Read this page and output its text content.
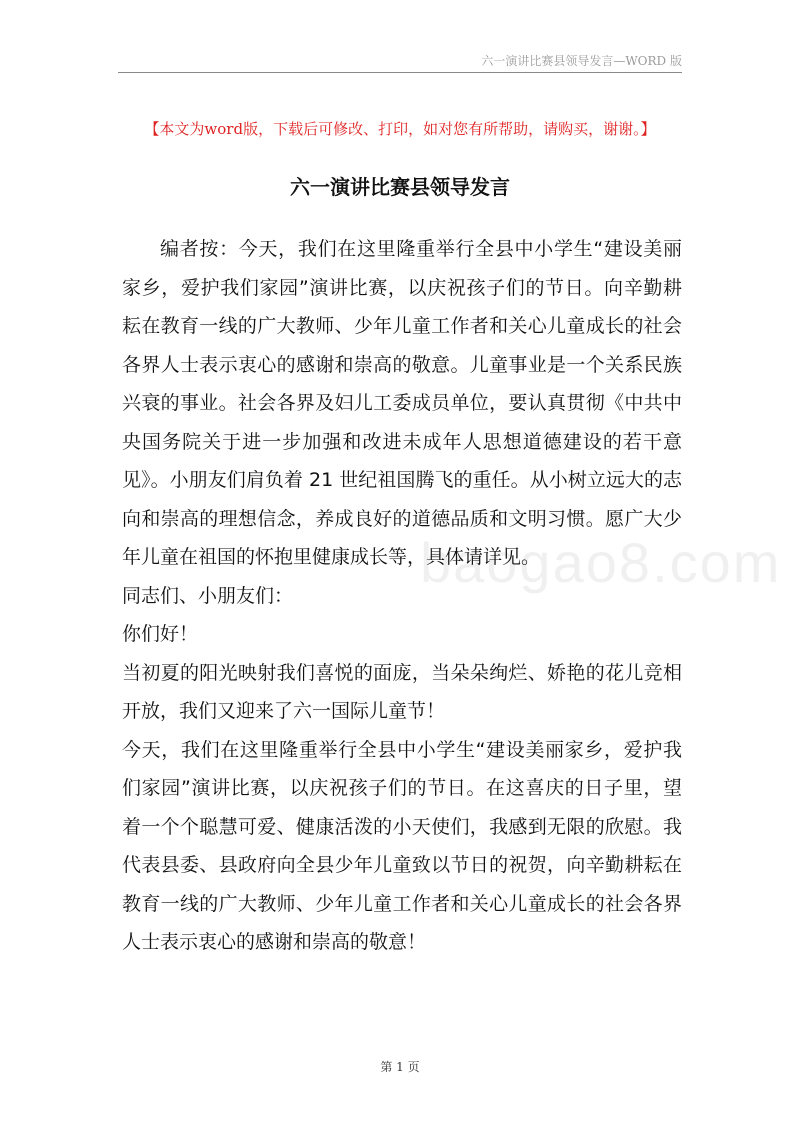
六一演讲比赛县领导发言—WORD 版
【本文为word版，下载后可修改、打印，如对您有所帮助，请购买，谢谢。】
六一演讲比赛县领导发言

编者按：今天，我们在这里隆重举行全县中小学生“建设美丽家乡，爱护我们家园”演讲比赛，以庆祝孩子们的节日。向辛勤耕耘在教育一线的广大教师、少年儿童工作者和关心儿童成长的社会各界人士表示衷心的感谢和崇高的敬意。儿童事业是一个关系民族兴衰的事业。社会各界及妇儿工委成员单位，要认真贯彻《中共中央国务院关于进一步加强和改进未成年人思想道德建设的若干意见》。小朋友们肩负着 21 世纪祖国腾飞的重任。从小树立远大的志向和崇高的理想信念，养成良好的道德品质和文明习惯。愿广大少年儿童在祖国的怀抱里健康成长等，具体请详见。

同志们、小朋友们：

你们好！

当初夏的阳光映射我们喜悦的面庞，当朵朵绚烂、娇艳的花儿竞相开放，我们又迎来了六一国际儿童节！

今天，我们在这里隆重举行全县中小学生“建设美丽家乡，爱护我们家园”演讲比赛，以庆祝孩子们的节日。在这喜庆的日子里，望着一个个聪慧可爱、健康活泼的小天使们，我感到无限的欣慰。我代表县委、县政府向全县少年儿童致以节日的祝贺，向辛勤耕耘在教育一线的广大教师、少年儿童工作者和关心儿童成长的社会各界人士表示衷心的感谢和崇高的敬意！

baogao8.com
第 1 页
